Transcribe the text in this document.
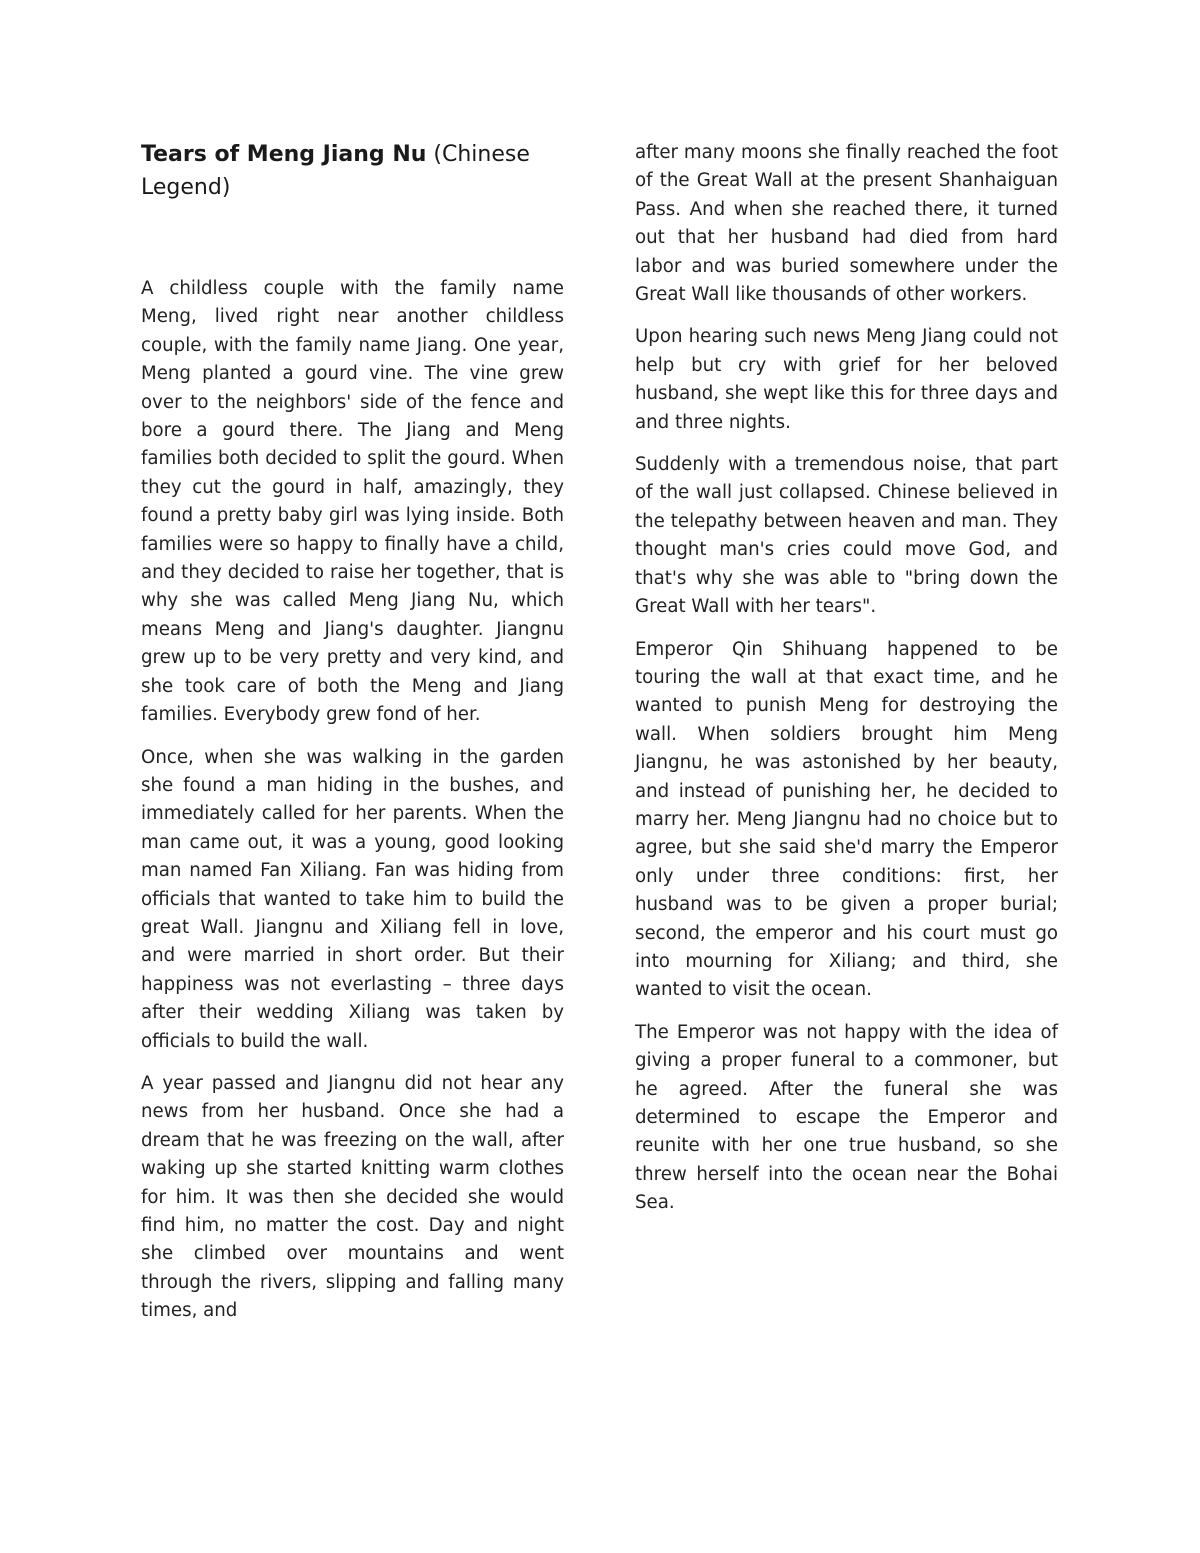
Tears of Meng Jiang Nu (Chinese Legend)

A childless couple with the family name Meng, lived right near another childless couple, with the family name Jiang. One year, Meng planted a gourd vine. The vine grew over to the neighbors' side of the fence and bore a gourd there. The Jiang and Meng families both decided to split the gourd. When they cut the gourd in half, amazingly, they found a pretty baby girl was lying inside. Both families were so happy to finally have a child, and they decided to raise her together, that is why she was called Meng Jiang Nu, which means Meng and Jiang's daughter. Jiangnu grew up to be very pretty and very kind, and she took care of both the Meng and Jiang families. Everybody grew fond of her.

Once, when she was walking in the garden she found a man hiding in the bushes, and immediately called for her parents. When the man came out, it was a young, good looking man named Fan Xiliang. Fan was hiding from officials that wanted to take him to build the great Wall. Jiangnu and Xiliang fell in love, and were married in short order. But their happiness was not everlasting – three days after their wedding Xiliang was taken by officials to build the wall.

A year passed and Jiangnu did not hear any news from her husband. Once she had a dream that he was freezing on the wall, after waking up she started knitting warm clothes for him. It was then she decided she would find him, no matter the cost. Day and night she climbed over mountains and went through the rivers, slipping and falling many times, and

after many moons she finally reached the foot of the Great Wall at the present Shanhaiguan Pass. And when she reached there, it turned out that her husband had died from hard labor and was buried somewhere under the Great Wall like thousands of other workers.

Upon hearing such news Meng Jiang could not help but cry with grief for her beloved husband, she wept like this for three days and and three nights.

Suddenly with a tremendous noise, that part of the wall just collapsed. Chinese believed in the telepathy between heaven and man. They thought man's cries could move God, and that's why she was able to "bring down the Great Wall with her tears".

Emperor Qin Shihuang happened to be touring the wall at that exact time, and he wanted to punish Meng for destroying the wall. When soldiers brought him Meng Jiangnu, he was astonished by her beauty, and instead of punishing her, he decided to marry her. Meng Jiangnu had no choice but to agree, but she said she'd marry the Emperor only under three conditions: first, her husband was to be given a proper burial; second, the emperor and his court must go into mourning for Xiliang; and third, she wanted to visit the ocean.

The Emperor was not happy with the idea of giving a proper funeral to a commoner, but he agreed. After the funeral she was determined to escape the Emperor and reunite with her one true husband, so she threw herself into the ocean near the Bohai Sea.
